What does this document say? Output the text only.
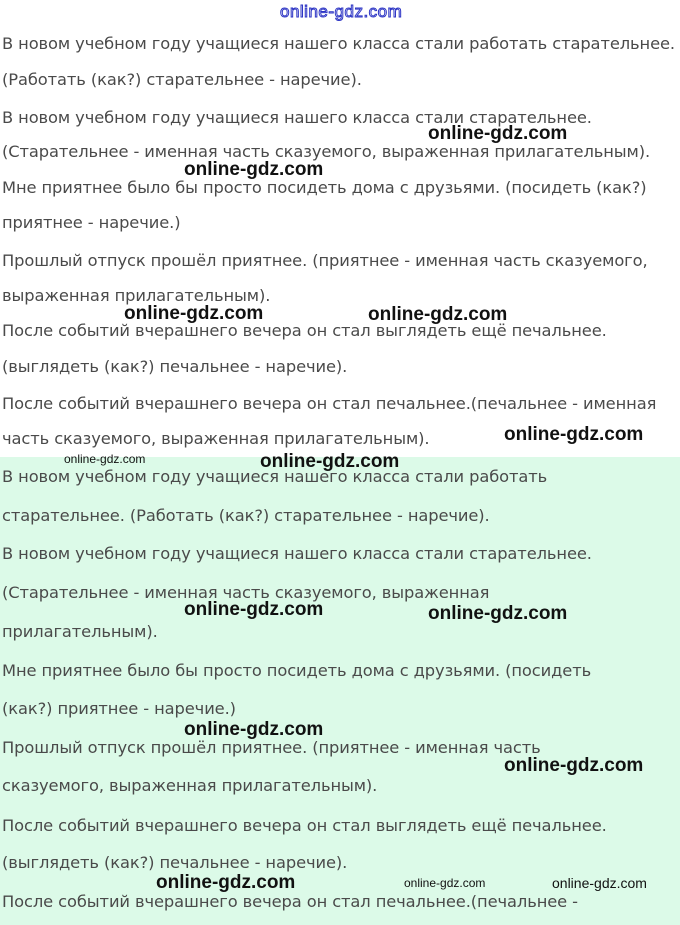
В новом учебном году учащиеся нашего класса стали работать старательнее.
(Работать (как?) старательнее - наречие).
В новом учебном году учащиеся нашего класса стали старательнее.
(Старательнее - именная часть сказуемого, выраженная прилагательным).
Мне приятнее было бы просто посидеть дома с друзьями. (посидеть (как?)
приятнее - наречие.)
Прошлый отпуск прошёл приятнее. (приятнее - именная часть сказуемого,
выраженная прилагательным).
После событий вчерашнего вечера он стал выглядеть ещё печальнее.
(выглядеть (как?) печальнее - наречие).
После событий вчерашнего вечера он стал печальнее.(печальнее - именная
часть сказуемого, выраженная прилагательным).
В новом учебном году учащиеся нашего класса стали работать
старательнее. (Работать (как?) старательнее - наречие).
В новом учебном году учащиеся нашего класса стали старательнее.
(Старательнее - именная часть сказуемого, выраженная
прилагательным).
Мне приятнее было бы просто посидеть дома с друзьями. (посидеть
(как?) приятнее - наречие.)
Прошлый отпуск прошёл приятнее. (приятнее - именная часть
сказуемого, выраженная прилагательным).
После событий вчерашнего вечера он стал выглядеть ещё печальнее.
(выглядеть (как?) печальнее - наречие).
После событий вчерашнего вечера он стал печальнее.(печальнее -
online-gdz.com
online-gdz.com
online-gdz.com
online-gdz.com	online-gdz.com
online-gdz.com
online-gdz.com	online-gdz.com
online-gdz.com	online-gdz.com
online-gdz.com
online-gdz.com
online-gdz.com	online-gdz.com	online-gdz.com
